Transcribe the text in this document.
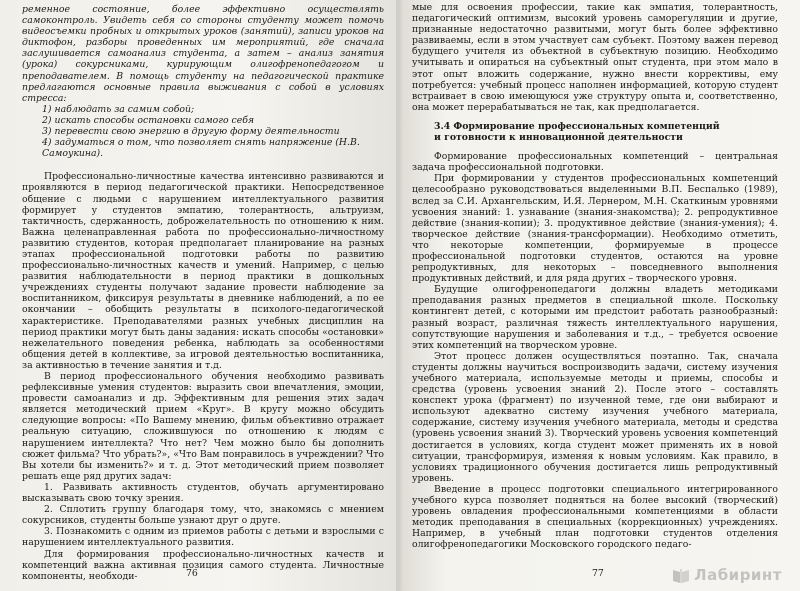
ременное состояние, более эффективно осуществлять самоконтроль. Увидеть себя со стороны студенту может помочь видеосъемки пробных и открытых уроков (занятий), записи уроков на диктофон, разборы проведенных им мероприятий, где сначала заслушивается самоанализ студента, а затем – анализ занятия (урока) сокурсниками, курирующим олигофренопедагогом и преподавателем. В помощь студенту на педагогической практике предлагаются основные правила выживания с собой в условиях стресса:

1) наблюдать за самим собой;
2) искать способы остановки самого себя
3) перевести свою энергию в другую форму деятельности
4) задуматься о том, что позволяет снять напряжение (Н.В. Самоукина).

Профессионально-личностные качества интенсивно развиваются и проявляются в период педагогической практики. Непосредственное общение с людьми с нарушением интеллектуального развития формирует у студентов эмпатию, толерантность, альтруизм, тактичность, сдержанность, доброжелательность по отношению к ним. Важна целенаправленная работа по профессионально-личностному развитию студентов, которая предполагает планирование на разных этапах профессиональной подготовки работы по развитию профессионально-личностных качеств и умений. Например, с целью развития наблюдательности в период практики в дошкольных учреждениях студенты получают задание провести наблюдение за воспитанником, фиксируя результаты в дневнике наблюдений, а по ее окончании – обобщить результаты в психолого-педагогической характеристике. Преподавателями разных учебных дисциплин на период практики могут быть даны задания: искать способы «остановки» нежелательного поведения ребенка, наблюдать за особенностями общения детей в коллективе, за игровой деятельностью воспитанника, за активностью в течение занятия и т.д.

В период профессионального обучения необходимо развивать рефлексивные умения студентов: выразить свои впечатления, эмоции, провести самоанализ и др. Эффективным для решения этих задач является методический прием «Круг». В кругу можно обсудить следующие вопросы: «По Вашему мнению, фильм объективно отражает реальную ситуацию, сложившуюся по отношению к людям с нарушением интеллекта? Что нет? Чем можно было бы дополнить сюжет фильма? Что убрать?», «Что Вам понравилось в учреждении? Что Вы хотели бы изменить?» и т. д. Этот методический прием позволяет решать еще ряд других задач:

1. Развивать активность студентов, обучать аргументировано высказывать свою точку зрения.

2. Сплотить группу благодаря тому, что, знакомясь с мнением сокурсников, студенты больше узнают друг о друге.

3. Познакомить с одним из приемов работы с детьми и взрослыми с нарушением интеллектуального развития.

Для формирования профессионально-личностных качеств и компетенций важна активная позиция самого студента. Личностные компоненты, необходи-	76

мые для освоения профессии, такие как эмпатия, толерантность, педагогический оптимизм, высокий уровень саморегуляции и другие, признанные недостаточно развитыми, могут быть более эффективно развиваемы, если в этом участвует сам субъект. Поэтому важен перевод будущего учителя из объектной в субъектную позицию. Необходимо учитывать и опираться на субъектный опыт студента, при этом мало в этот опыт вложить содержание, нужно внести коррективы, ему потребуется: учебный процесс наполнен информацией, которую студент встраивает в свою имеющуюся уже структуру опыта и, соответственно, она может перерабатываться не так, как предполагается.

3.4 Формирование профессиональных компетенций
и готовности к инновационной деятельности

Формирование профессиональных компетенций – центральная задача профессиональной подготовки.

При формировании у студентов профессиональных компетенций целесообразно руководствоваться выделенными В.П. Беспалько (1989), вслед за С.И. Архангельским, И.Я. Лернером, М.Н. Скаткиным уровнями усвоения знаний: 1. узнавание (знания-знакомства); 2. репродуктивное действие (знания-копии); 3. продуктивное действие (знания-умения); 4. творческое действие (знания-трансформации). Необходимо отметить, что некоторые компетенции, формируемые в процессе профессиональной подготовки студентов, остаются на уровне репродуктивных, для некоторых – повседневного выполнения продуктивных действий, и для ряда других – творческого уровня.

Будущие олигофренопедагоги должны владеть методиками преподавания разных предметов в специальной школе. Поскольку контингент детей, с которыми им предстоит работать разнообразный: разный возраст, различная тяжесть интеллектуального нарушения, сопутствующие нарушения и заболевания и т.д., – требуется освоение этих компетенций на творческом уровне.

Этот процесс должен осуществляться поэтапно. Так, сначала студенты должны научиться воспроизводить задачи, систему изучения учебного материала, используемые методы и приемы, способы и средства (уровень усвоения знаний 2). После этого – составлять конспект урока (фрагмент) по изученной теме, где они выбирают и используют адекватно систему изучения учебного материала, содержание, систему изучения учебного материала, методы и средства (уровень усвоения знаний 3). Творческий уровень усвоения компетенций достигается в условиях, когда студент может применять их в новой ситуации, трансформируя, изменяя к новым условиям. Как правило, в условиях традиционного обучения достигается лишь репродуктивный уровень.

Введение в процесс подготовки специального интегрированного учебного курса позволяет подняться на более высокий (творческий) уровень овладения профессиональными компетенциями в области методик преподавания в специальных (коррекционных) учреждениях. Например, в учебный план подготовки студентов отделения олигофренопедагогики Московского городского педаго-

77	Лабиринт
